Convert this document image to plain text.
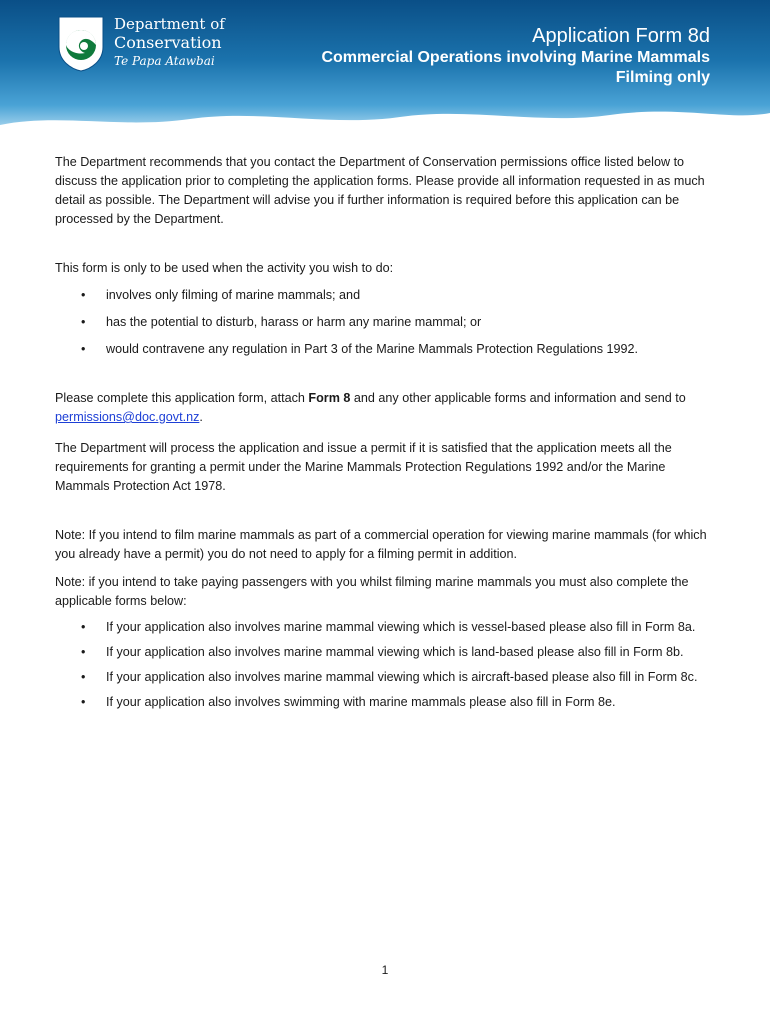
Department of
Conservation
Te Papa Atawbai
Application Form 8d
Commercial Operations involving Marine Mammals
Filming only

The Department recommends that you contact the Department of Conservation permissions office listed below to discuss the application prior to completing the application forms. Please provide all information requested in as much detail as possible. The Department will advise you if further information is required before this application can be processed by the Department.

This form is only to be used when the activity you wish to do:

• involves only filming of marine mammals; and
• has the potential to disturb, harass or harm any marine mammal; or
• would contravene any regulation in Part 3 of the Marine Mammals Protection Regulations 1992.

Please complete this application form, attach Form 8 and any other applicable forms and information and send to permissions@doc.govt.nz.

The Department will process the application and issue a permit if it is satisfied that the application meets all the requirements for granting a permit under the Marine Mammals Protection Regulations 1992 and/or the Marine Mammals Protection Act 1978.

Note: If you intend to film marine mammals as part of a commercial operation for viewing marine mammals (for which you already have a permit) you do not need to apply for a filming permit in addition.

Note: if you intend to take paying passengers with you whilst filming marine mammals you must also complete the applicable forms below:

• If your application also involves marine mammal viewing which is vessel-based please also fill in Form 8a.
• If your application also involves marine mammal viewing which is land-based please also fill in Form 8b.
• If your application also involves marine mammal viewing which is aircraft-based please also fill in Form 8c.
• If your application also involves swimming with marine mammals please also fill in Form 8e.
1
